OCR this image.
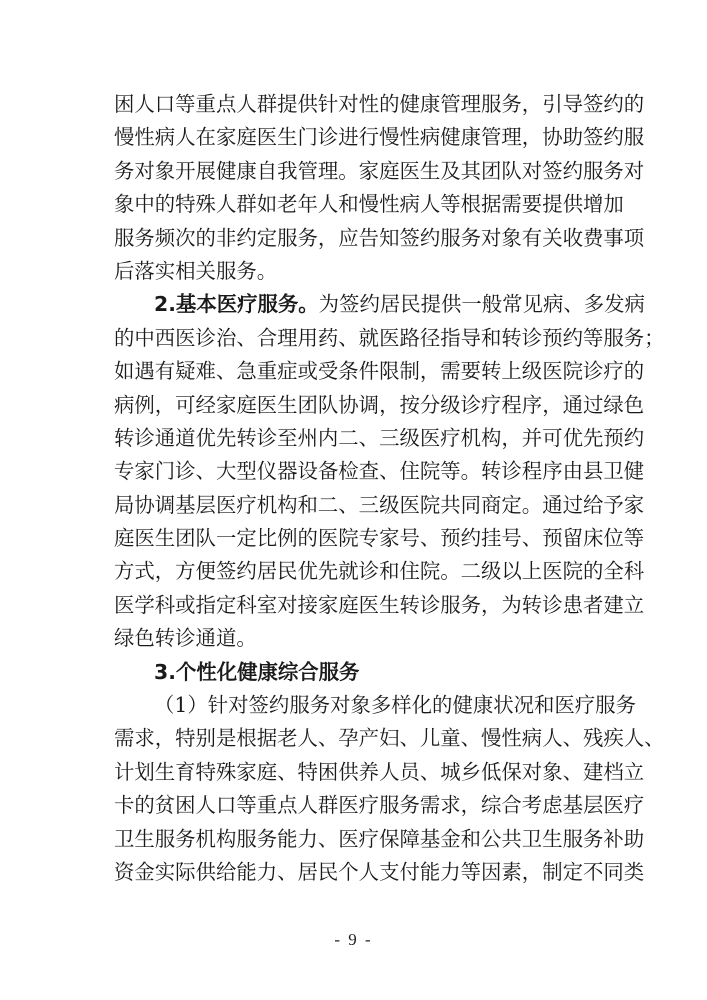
困人口等重点人群提供针对性的健康管理服务，引导签约的
慢性病人在家庭医生门诊进行慢性病健康管理，协助签约服
务对象开展健康自我管理。家庭医生及其团队对签约服务对
象中的特殊人群如老年人和慢性病人等根据需要提供增加
服务频次的非约定服务，应告知签约服务对象有关收费事项
后落实相关服务。
2.基本医疗服务。为签约居民提供一般常见病、多发病
的中西医诊治、合理用药、就医路径指导和转诊预约等服务；
如遇有疑难、急重症或受条件限制，需要转上级医院诊疗的
病例，可经家庭医生团队协调，按分级诊疗程序，通过绿色
转诊通道优先转诊至州内二、三级医疗机构，并可优先预约
专家门诊、大型仪器设备检查、住院等。转诊程序由县卫健
局协调基层医疗机构和二、三级医院共同商定。通过给予家
庭医生团队一定比例的医院专家号、预约挂号、预留床位等
方式，方便签约居民优先就诊和住院。二级以上医院的全科
医学科或指定科室对接家庭医生转诊服务，为转诊患者建立
绿色转诊通道。
3.个性化健康综合服务
（1）针对签约服务对象多样化的健康状况和医疗服务
需求，特别是根据老人、孕产妇、儿童、慢性病人、残疾人、
计划生育特殊家庭、特困供养人员、城乡低保对象、建档立
卡的贫困人口等重点人群医疗服务需求，综合考虑基层医疗
卫生服务机构服务能力、医疗保障基金和公共卫生服务补助
资金实际供给能力、居民个人支付能力等因素，制定不同类
- 9 -
